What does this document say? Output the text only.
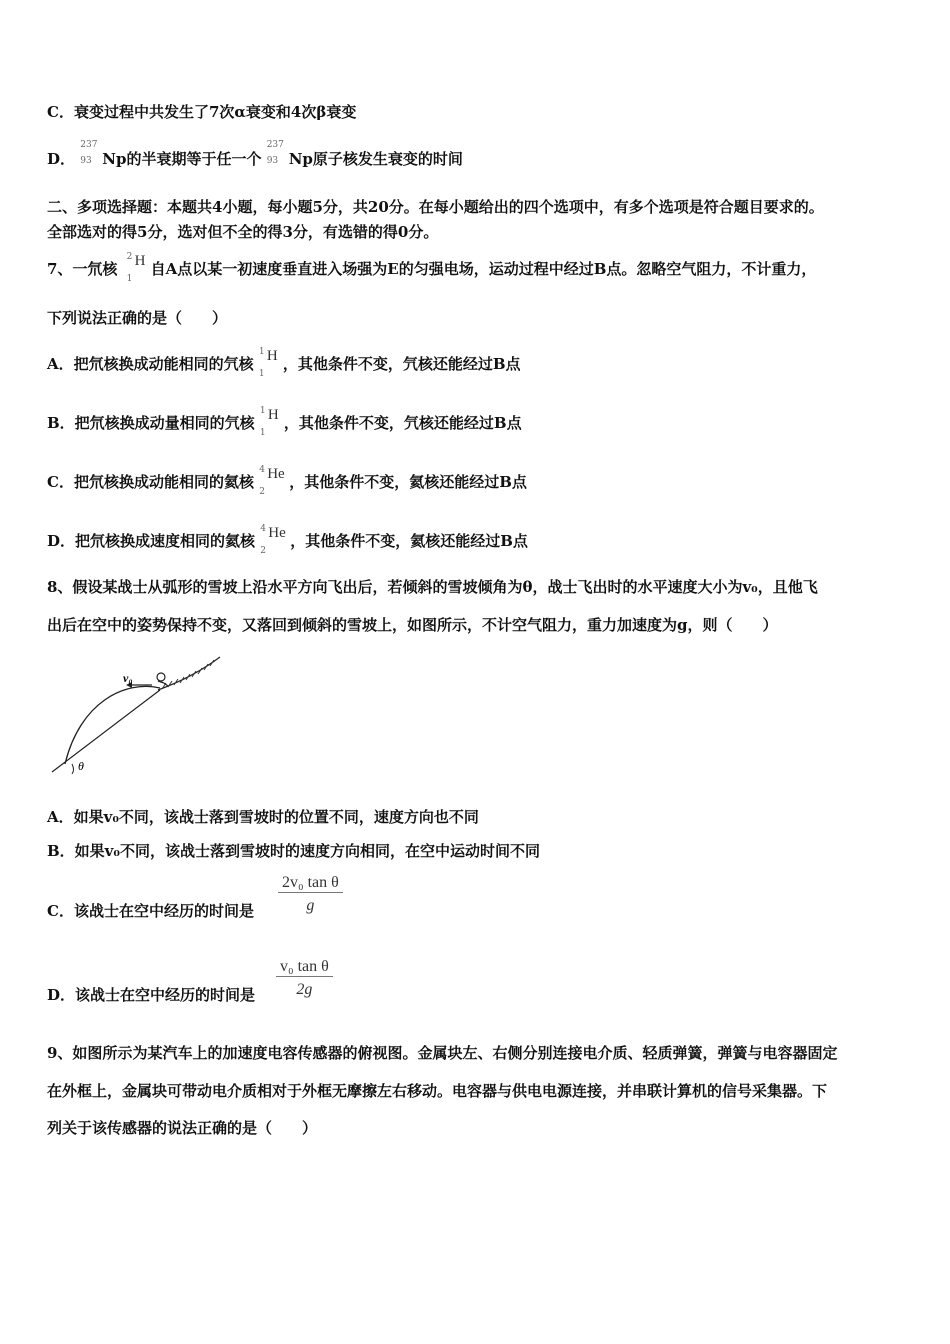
C．衰变过程中共发生了7次α衰变和4次β衰变
D．
237
93 Np的半衰期等于任一个
237
93 Np原子核发生衰变的时间
二、多项选择题：本题共4小题，每小题5分，共20分。在每小题给出的四个选项中，有多个选项是符合题目要求的。
全部选对的得5分，选对但不全的得3分，有选错的得0分。
7、一氘核
2
1
H 自A点以某一初速度垂直进入场强为E的匀强电场，运动过程中经过B点。忽略空气阻力，不计重力，
下列说法正确的是（　　）
A．把氘核换成动能相同的氕核
1
1
H ，其他条件不变，氕核还能经过B点
B．把氘核换成动量相同的氕核
1
1
H ，其他条件不变，氕核还能经过B点
C．把氘核换成动能相同的氦核
4
2
He ，其他条件不变，氦核还能经过B点
D．把氘核换成速度相同的氦核
4
2
He ，其他条件不变，氦核还能经过B点
8、假设某战士从弧形的雪坡上沿水平方向飞出后，若倾斜的雪坡倾角为θ，战士飞出时的水平速度大小为v₀，且他飞
出后在空中的姿势保持不变，又落回到倾斜的雪坡上，如图所示，不计空气阻力，重力加速度为g，则（　　）
v₀
θ
A．如果v₀不同，该战士落到雪坡时的位置不同，速度方向也不同
B．如果v₀不同，该战士落到雪坡时的速度方向相同，在空中运动时间不同
C．该战士在空中经历的时间是 $\frac{\text{2v₀ tan θ}}{g}$
D．该战士在空中经历的时间是 $\frac{\text{v₀ tan θ}}{2g}$
9、如图所示为某汽车上的加速度电容传感器的俯视图。金属块左、右侧分别连接电介质、轻质弹簧，弹簧与电容器固定
在外框上，金属块可带动电介质相对于外框无摩擦左右移动。电容器与供电电源连接，并串联计算机的信号采集器。下
列关于该传感器的说法正确的是（　　）
